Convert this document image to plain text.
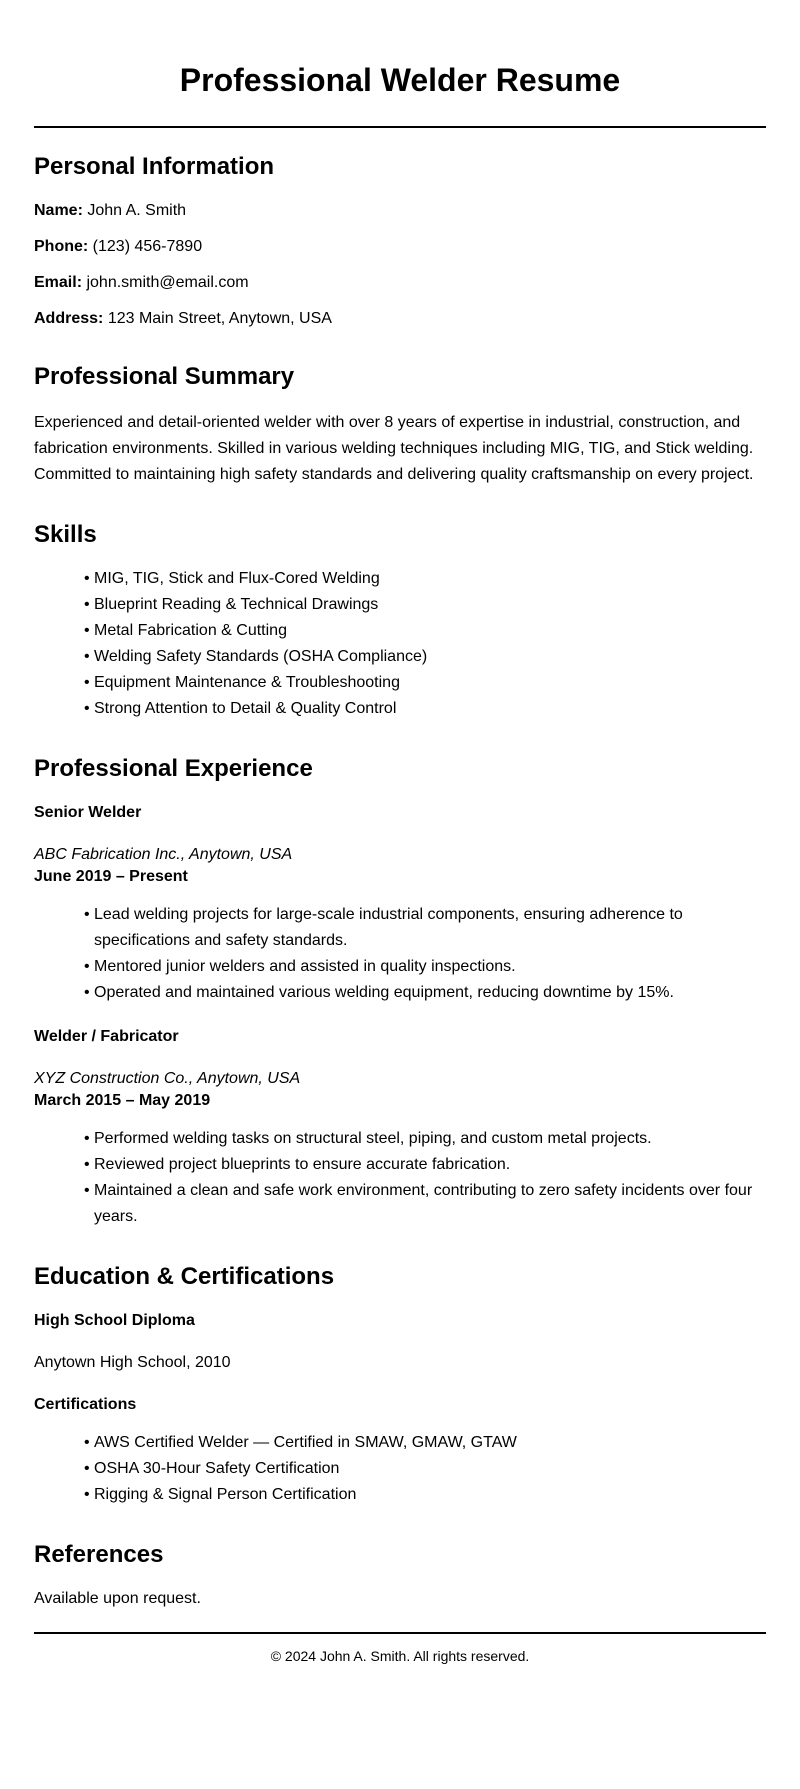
Professional Welder Resume
Personal Information

Name: John A. Smith

Phone: (123) 456-7890

Email: john.smith@email.com

Address: 123 Main Street, Anytown, USA

Professional Summary

Experienced and detail-oriented welder with over 8 years of expertise in industrial, construction, and fabrication environments. Skilled in various welding techniques including MIG, TIG, and Stick welding. Committed to maintaining high safety standards and delivering quality craftsmanship on every project.

Skills
• MIG, TIG, Stick and Flux-Cored Welding
• Blueprint Reading & Technical Drawings
• Metal Fabrication & Cutting
• Welding Safety Standards (OSHA Compliance)
• Equipment Maintenance & Troubleshooting
• Strong Attention to Detail & Quality Control
Professional Experience

Senior Welder

ABC Fabrication Inc., Anytown, USA

June 2019 – Present

• Lead welding projects for large-scale industrial components, ensuring adherence to specifications and safety standards.
• Mentored junior welders and assisted in quality inspections.
• Operated and maintained various welding equipment, reducing downtime by 15%.

Welder / Fabricator

XYZ Construction Co., Anytown, USA

March 2015 – May 2019

• Performed welding tasks on structural steel, piping, and custom metal projects.
• Reviewed project blueprints to ensure accurate fabrication.
• Maintained a clean and safe work environment, contributing to zero safety incidents over four years.
Education & Certifications

High School Diploma

Anytown High School, 2010

Certifications

• AWS Certified Welder — Certified in SMAW, GMAW, GTAW
• OSHA 30-Hour Safety Certification
• Rigging & Signal Person Certification
References

Available upon request.

© 2024 John A. Smith. All rights reserved.
